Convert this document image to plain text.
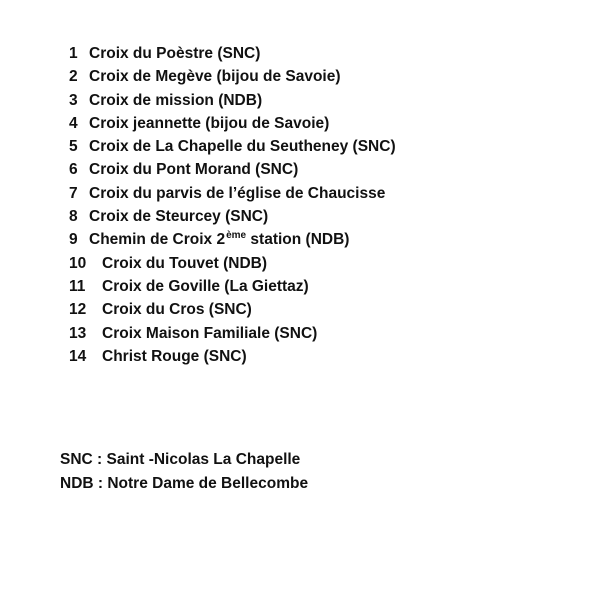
1 Croix du Poèstre (SNC)
2 Croix de Megève (bijou de Savoie)
3 Croix de mission (NDB)
4 Croix jeannette (bijou de Savoie)
5 Croix de La Chapelle du Seutheney (SNC)
6 Croix du Pont Morand (SNC)
7 Croix du parvis de l’église de Chaucisse
8 Croix de Steurcey (SNC)
9 Chemin de Croix 2ème station (NDB)
10 Croix du Touvet (NDB)
11 Croix de Goville (La Giettaz)
12 Croix du Cros (SNC)
13 Croix Maison Familiale (SNC)
14 Christ Rouge (SNC)
SNC : Saint -Nicolas La Chapelle
NDB : Notre Dame de Bellecombe
